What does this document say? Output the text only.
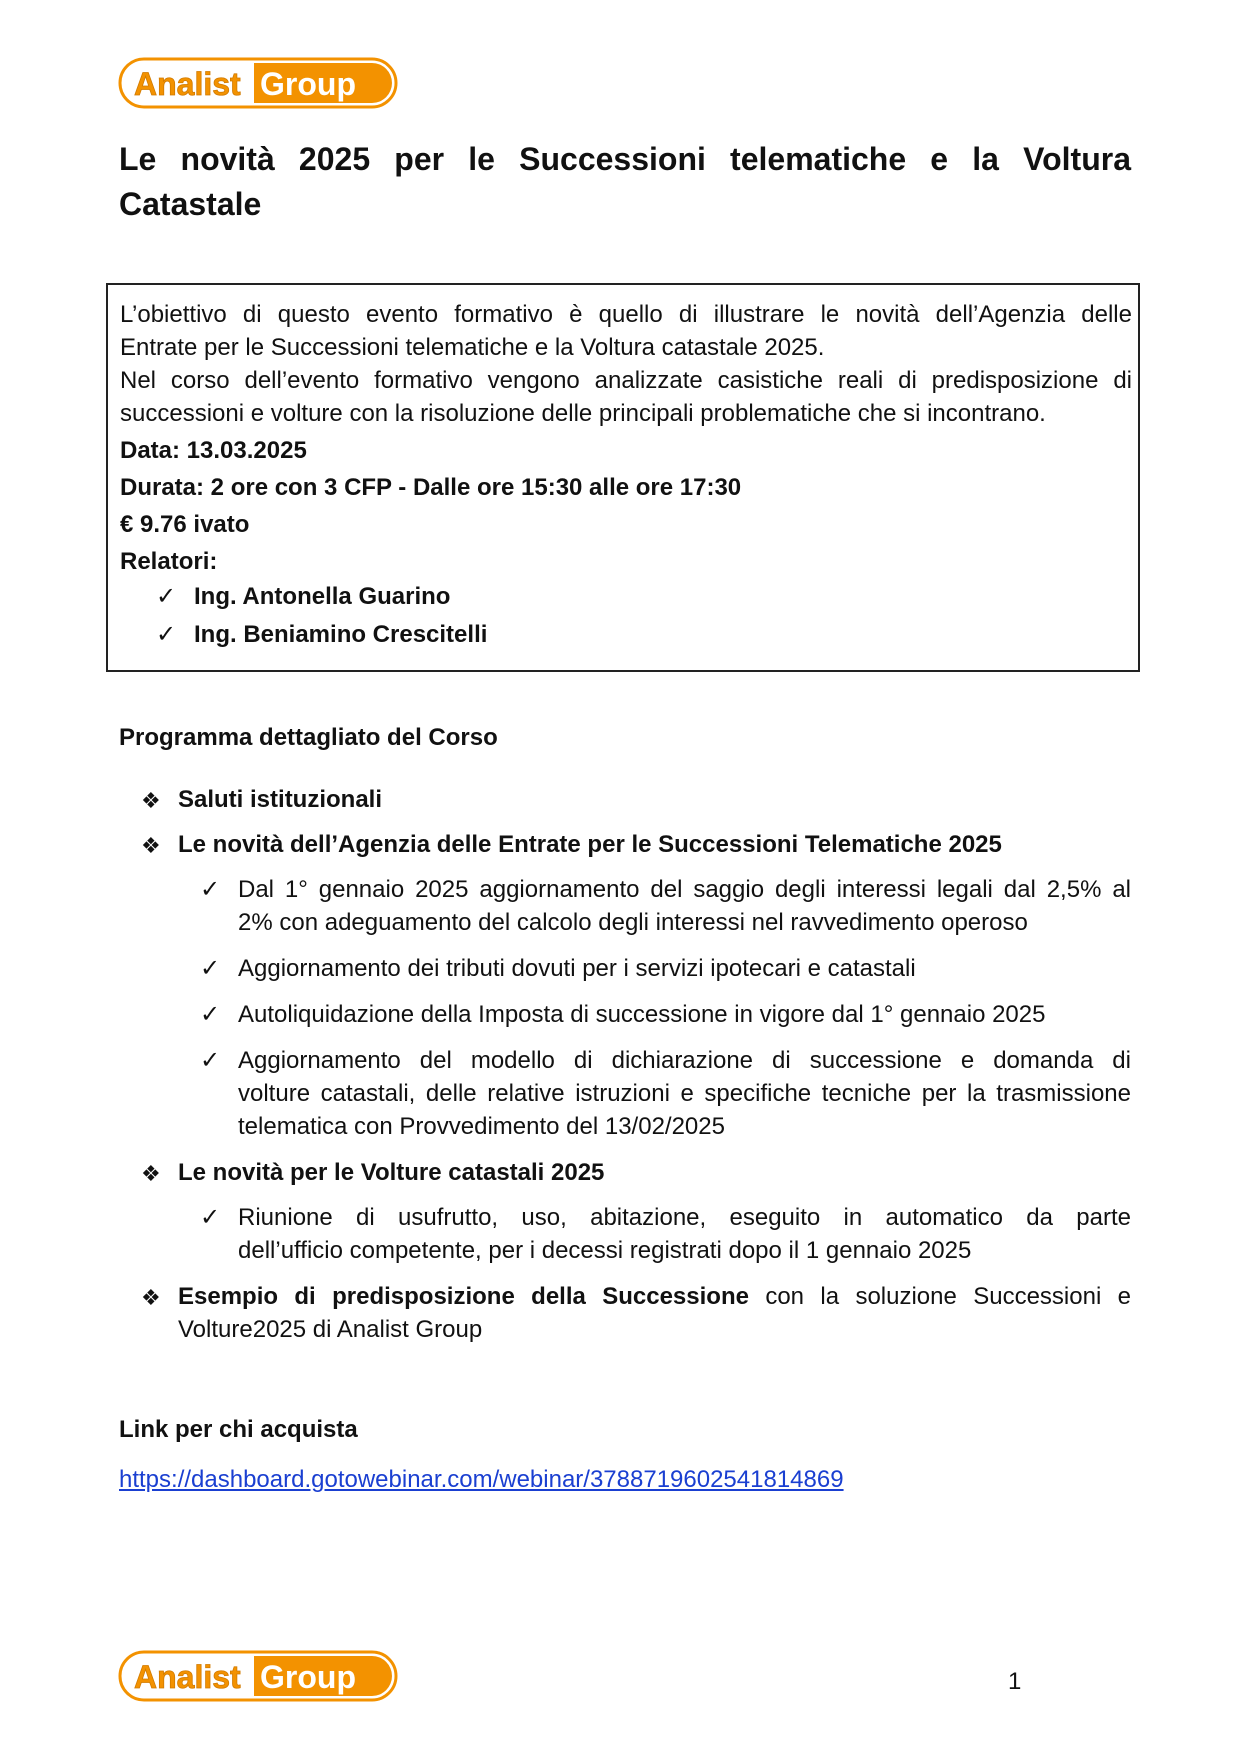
Analist Group
Le novità 2025 per le Successioni telematiche e la Voltura
Catastale

L’obiettivo di questo evento formativo è quello di illustrare le novità dell’Agenzia delle
Entrate per le Successioni telematiche e la Voltura catastale 2025.

Nel corso dell’evento formativo vengono analizzate casistiche reali di predisposizione di
successioni e volture con la risoluzione delle principali problematiche che si incontrano.

Data: 13.03.2025

Durata: 2 ore con 3 CFP - Dalle ore 15:30 alle ore 17:30

€ 9.76 ivato

Relatori:

✓ Ing. Antonella Guarino
✓ Ing. Beniamino Crescitelli
Programma dettagliato del Corso
❖ Saluti istituzionali
❖ Le novità dell’Agenzia delle Entrate per le Successioni Telematiche 2025
✓ Dal 1° gennaio 2025 aggiornamento del saggio degli interessi legali dal 2,5% al
2% con adeguamento del calcolo degli interessi nel ravvedimento operoso
✓ Aggiornamento dei tributi dovuti per i servizi ipotecari e catastali
✓ Autoliquidazione della Imposta di successione in vigore dal 1° gennaio 2025
✓ Aggiornamento del modello di dichiarazione di successione e domanda di
volture catastali, delle relative istruzioni e specifiche tecniche per la trasmissione
telematica con Provvedimento del 13/02/2025
❖ Le novità per le Volture catastali 2025
✓ Riunione di usufrutto, uso, abitazione, eseguito in automatico da parte
dell’ufficio competente, per i decessi registrati dopo il 1 gennaio 2025
❖ Esempio di predisposizione della Successione con la soluzione Successioni e
Volture2025 di Analist Group
Link per chi acquista
https://dashboard.gotowebinar.com/webinar/3788719602541814869
Analist Group	1
